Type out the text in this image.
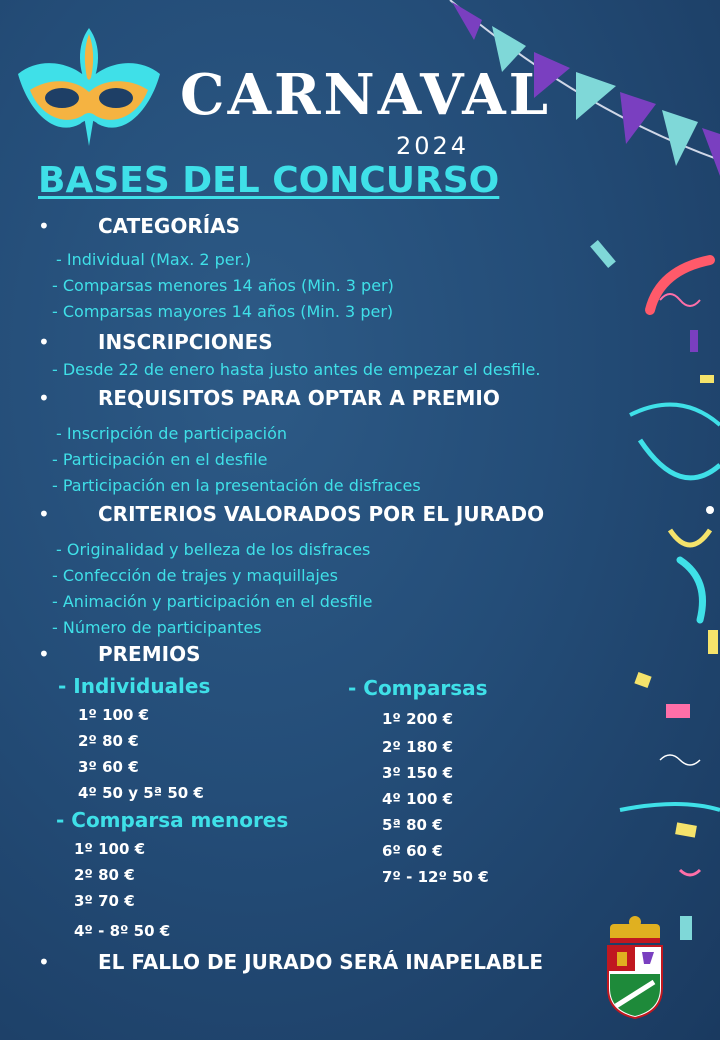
CARNAVAL
2024
BASES DEL CONCURSO
• CATEGORÍAS
- Individual (Max. 2 per.)
- Comparsas menores 14 años (Min. 3 per)
- Comparsas mayores 14 años (Min. 3 per)
• INSCRIPCIONES
- Desde 22 de enero hasta justo antes de empezar el desfile.
• REQUISITOS PARA OPTAR A PREMIO
- Inscripción de participación
- Participación en el desfile
- Participación en la presentación de disfraces
• CRITERIOS VALORADOS POR EL JURADO
- Originalidad y belleza de los disfraces
- Confección de trajes y maquillajes
- Animación y participación en el desfile
- Número de participantes
• PREMIOS
- Individuales
1º 100 €
2º 80 €
3º 60 €
4º 50 y 5ª 50 €
- Comparsa menores
1º 100 €
2º 80 €
3º 70 €
4º - 8º 50 €
- Comparsas
1º 200 €
2º 180 €
3º 150 €
4º 100 €
5ª 80 €
6º 60 €
7º - 12º 50 €
• EL FALLO DE JURADO SERÁ INAPELABLE
